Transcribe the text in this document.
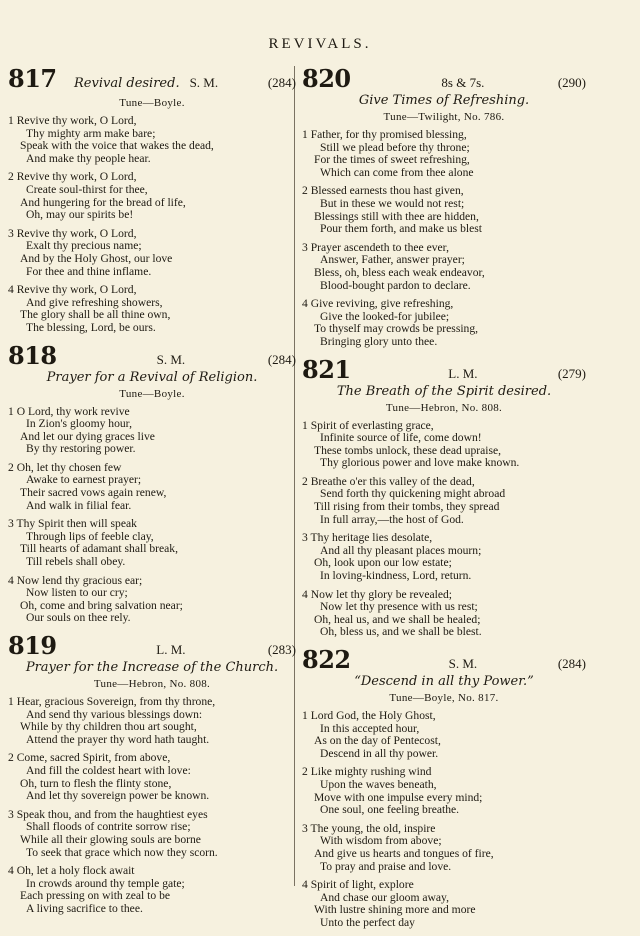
REVIVALS.
817	Revival desired. S. M.	(284)
Tune—Boyle.
1 Revive thy work, O Lord,
Thy mighty arm make bare;
Speak with the voice that wakes the dead,
And make thy people hear.
2 Revive thy work, O Lord,
Create soul-thirst for thee,
And hungering for the bread of life,
Oh, may our spirits be!
3 Revive thy work, O Lord,
Exalt thy precious name;
And by the Holy Ghost, our love
For thee and thine inflame.
4 Revive thy work, O Lord,
And give refreshing showers,
The glory shall be all thine own,
The blessing, Lord, be ours.
818	S. M.	(284)
Prayer for a Revival of Religion.
Tune—Boyle.
1 O Lord, thy work revive
In Zion's gloomy hour,
And let our dying graces live
By thy restoring power.
2 Oh, let thy chosen few
Awake to earnest prayer;
Their sacred vows again renew,
And walk in filial fear.
3 Thy Spirit then will speak
Through lips of feeble clay,
Till hearts of adamant shall break,
Till rebels shall obey.
4 Now lend thy gracious ear;
Now listen to our cry;
Oh, come and bring salvation near;
Our souls on thee rely.
819	L. M.	(283)
Prayer for the Increase of the Church.
Tune—Hebron, No. 808.
1 Hear, gracious Sovereign, from thy throne,
And send thy various blessings down:
While by thy children thou art sought,
Attend the prayer thy word hath taught.
2 Come, sacred Spirit, from above,
And fill the coldest heart with love:
Oh, turn to flesh the flinty stone,
And let thy sovereign power be known.
3 Speak thou, and from the haughtiest eyes
Shall floods of contrite sorrow rise;
While all their glowing souls are borne
To seek that grace which now they scorn.
4 Oh, let a holy flock await
In crowds around thy temple gate;
Each pressing on with zeal to be
A living sacrifice to thee.
820	8s & 7s.	(290)
Give Times of Refreshing.
Tune—Twilight, No. 786.
1 Father, for thy promised blessing,
Still we plead before thy throne;
For the times of sweet refreshing,
Which can come from thee alone
2 Blessed earnests thou hast given,
But in these we would not rest;
Blessings still with thee are hidden,
Pour them forth, and make us blest
3 Prayer ascendeth to thee ever,
Answer, Father, answer prayer;
Bless, oh, bless each weak endeavor,
Blood-bought pardon to declare.
4 Give reviving, give refreshing,
Give the looked-for jubilee;
To thyself may crowds be pressing,
Bringing glory unto thee.
821	L. M.	(279)
The Breath of the Spirit desired.
Tune—Hebron, No. 808.
1 Spirit of everlasting grace,
Infinite source of life, come down!
These tombs unlock, these dead upraise,
Thy glorious power and love make known.
2 Breathe o'er this valley of the dead,
Send forth thy quickening might abroad
Till rising from their tombs, they spread
In full array,—the host of God.
3 Thy heritage lies desolate,
And all thy pleasant places mourn;
Oh, look upon our low estate;
In loving-kindness, Lord, return.
4 Now let thy glory be revealed;
Now let thy presence with us rest;
Oh, heal us, and we shall be healed;
Oh, bless us, and we shall be blest.
822	S. M.	(284)
“Descend in all thy Power.”
Tune—Boyle, No. 817.
1 Lord God, the Holy Ghost,
In this accepted hour,
As on the day of Pentecost,
Descend in all thy power.
2 Like mighty rushing wind
Upon the waves beneath,
Move with one impulse every mind;
One soul, one feeling breathe.
3 The young, the old, inspire
With wisdom from above;
And give us hearts and tongues of fire,
To pray and praise and love.
4 Spirit of light, explore
And chase our gloom away,
With lustre shining more and more
Unto the perfect day
